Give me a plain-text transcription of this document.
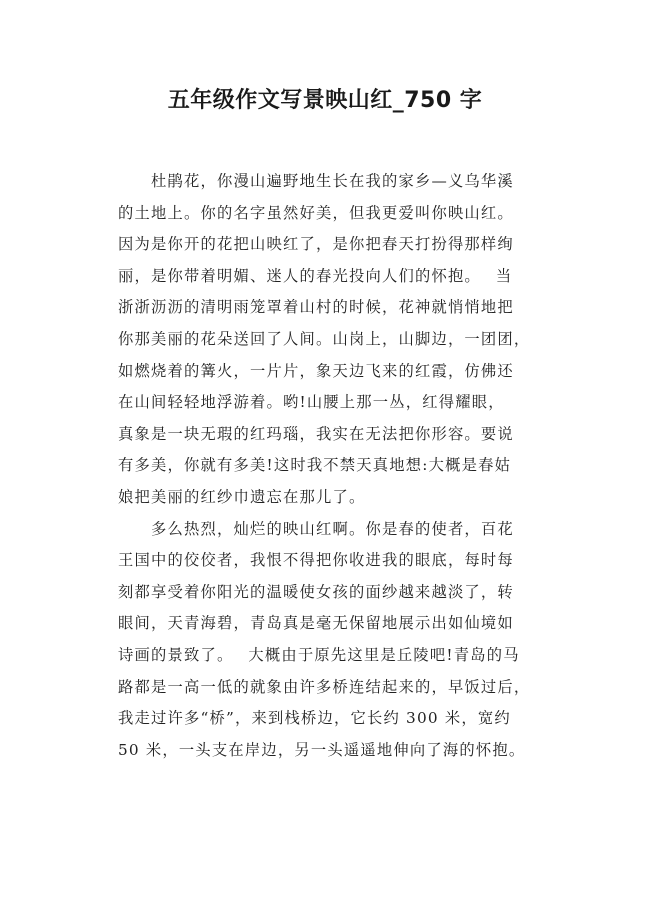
五年级作文写景映山红_750 字
　　杜鹃花，你漫山遍野地生长在我的家乡—义乌华溪
的土地上。你的名字虽然好美，但我更爱叫你映山红。
因为是你开的花把山映红了，是你把春天打扮得那样绚
丽，是你带着明媚、迷人的春光投向人们的怀抱。　 当
浙浙沥沥的清明雨笼罩着山村的时候，花神就悄悄地把
你那美丽的花朵送回了人间。山岗上，山脚边，一团团，
如燃烧着的篝火，一片片，象天边飞来的红霞，仿佛还
在山间轻轻地浮游着。哟!山腰上那一丛，红得耀眼，
真象是一块无瑕的红玛瑙，我实在无法把你形容。要说
有多美，你就有多美!这时我不禁天真地想:大概是春姑
娘把美丽的红纱巾遗忘在那儿了。
　　多么热烈，灿烂的映山红啊。你是春的使者，百花
王国中的佼佼者，我恨不得把你收进我的眼底，每时每
刻都享受着你阳光的温暖使女孩的面纱越来越淡了，转
眼间，天青海碧，青岛真是毫无保留地展示出如仙境如
诗画的景致了。　 大概由于原先这里是丘陵吧!青岛的马
路都是一高一低的就象由许多桥连结起来的，早饭过后，
我走过许多“桥”，来到栈桥边，它长约 300 米，宽约
50 米，一头支在岸边，另一头遥遥地伸向了海的怀抱。
